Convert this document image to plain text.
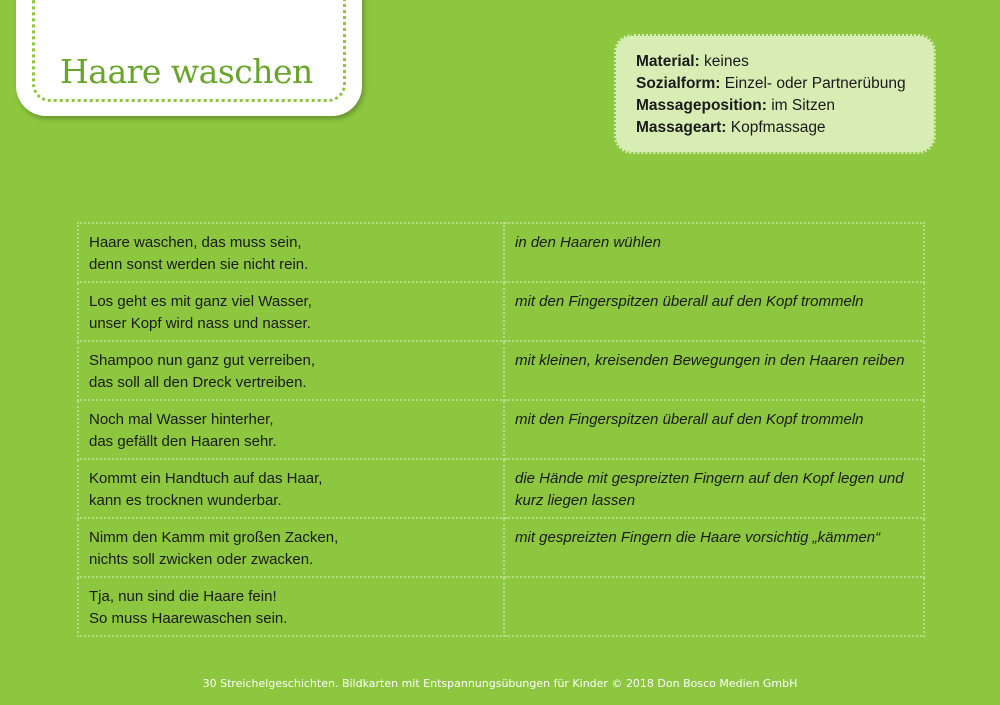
Haare waschen	Material: keines
Sozialform: Einzel- oder Partnerübung
Massageposition: im Sitzen
Massageart: Kopfmassage
Haare waschen, das muss sein,
denn sonst werden sie nicht rein.	in den Haaren wühlen

Los geht es mit ganz viel Wasser,
unser Kopf wird nass und nasser.	mit den Fingerspitzen überall auf den Kopf trommeln

Shampoo nun ganz gut verreiben,
das soll all den Dreck vertreiben.	mit kleinen, kreisenden Bewegungen in den Haaren reiben

Noch mal Wasser hinterher,
das gefällt den Haaren sehr.	mit den Fingerspitzen überall auf den Kopf trommeln

Kommt ein Handtuch auf das Haar,
kann es trocknen wunderbar.	die Hände mit gespreizten Fingern auf den Kopf legen und
kurz liegen lassen

Nimm den Kamm mit großen Zacken,
nichts soll zwicken oder zwacken.	mit gespreizten Fingern die Haare vorsichtig „kämmen“

Tja, nun sind die Haare fein!
So muss Haarewaschen sein.	

30 Streichelgeschichten. Bildkarten mit Entspannungsübungen für Kinder © 2018 Don Bosco Medien GmbH
